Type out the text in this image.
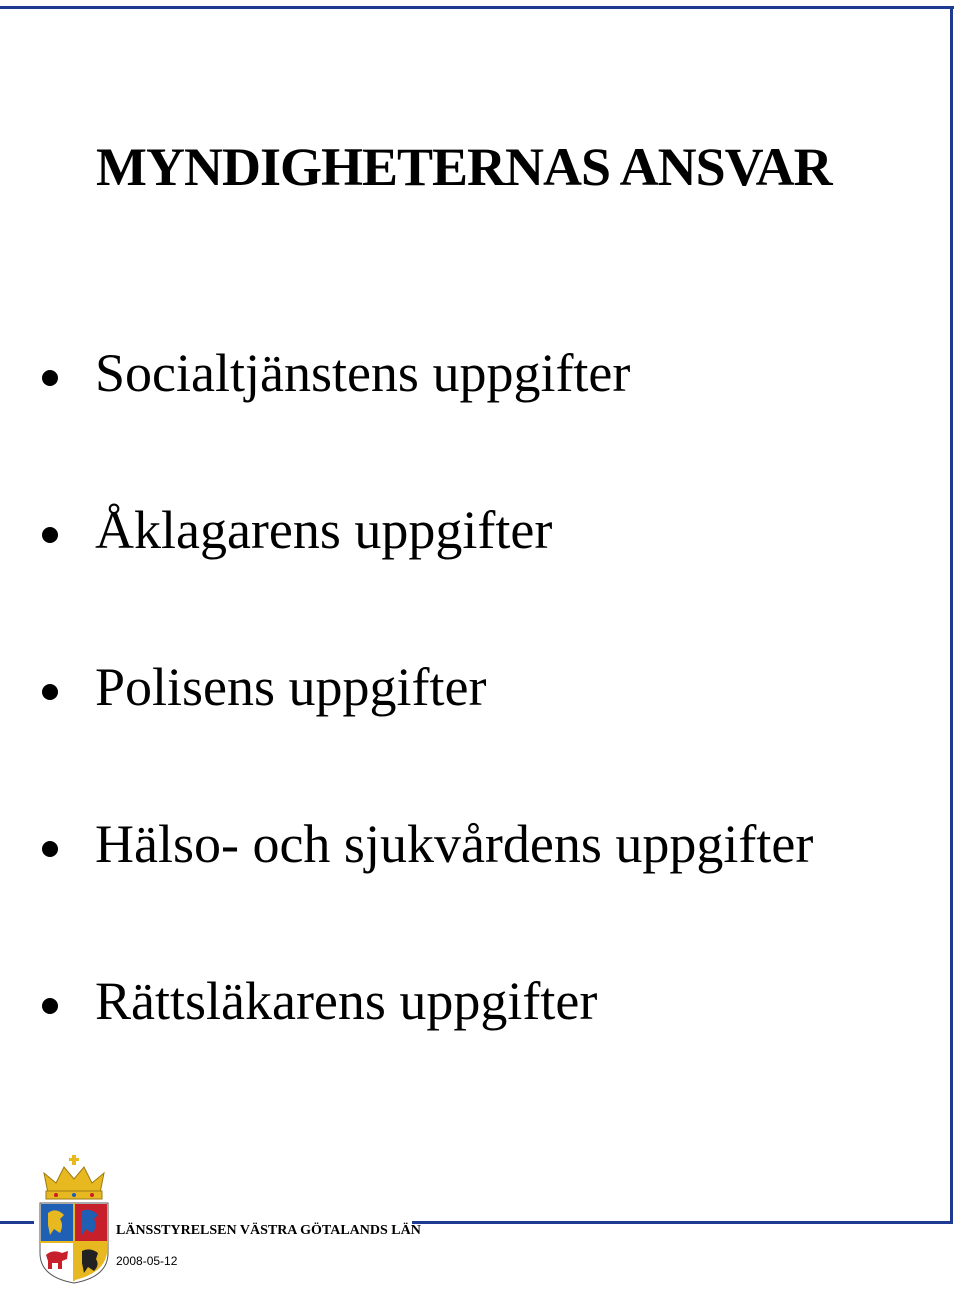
MYNDIGHETERNAS ANSVAR
Socialtjänstens uppgifter
Åklagarens uppgifter
Polisens uppgifter
Hälso- och sjukvårdens uppgifter
Rättsläkarens uppgifter
LÄNSSTYRELSEN VÄSTRA GÖTALANDS LÄN
2008-05-12
